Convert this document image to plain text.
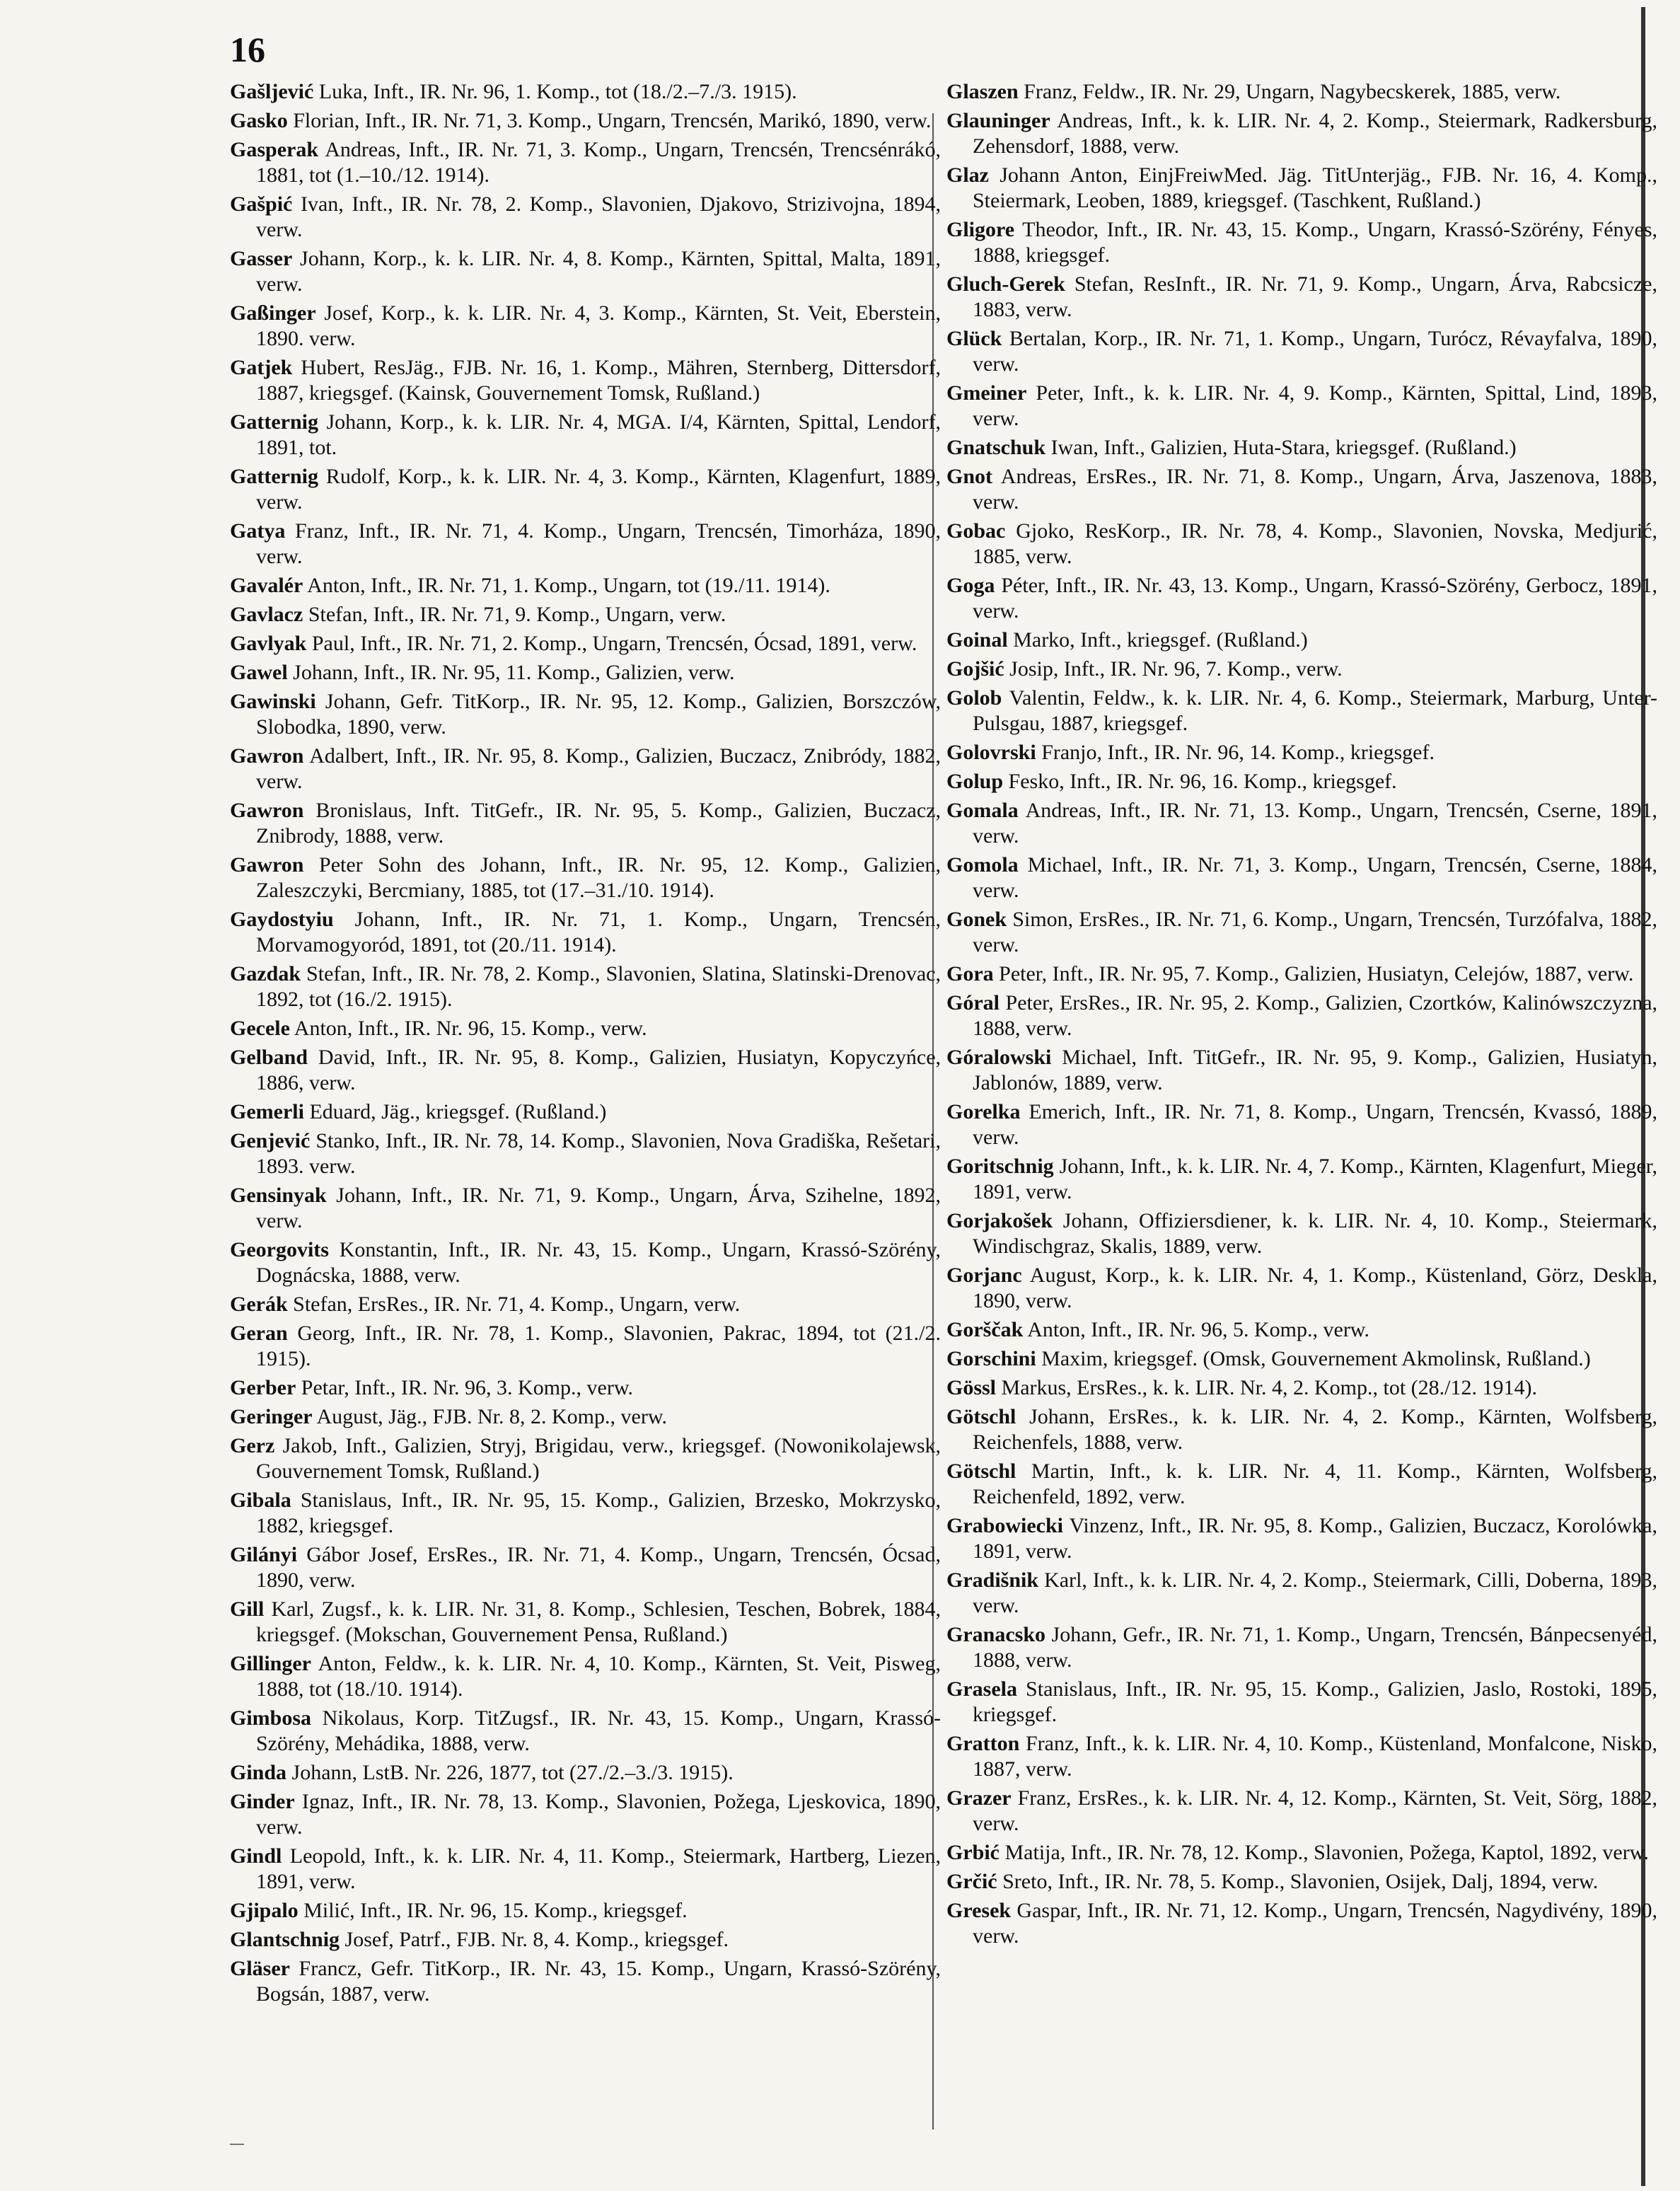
16

Gašljević Luka, Inft., IR. Nr. 96, 1. Komp., tot (18./2.–7./3. 1915).

Gasko Florian, Inft., IR. Nr. 71, 3. Komp., Ungarn, Trencsén, Marikó, 1890, verw.

Gasperak Andreas, Inft., IR. Nr. 71, 3. Komp., Ungarn, Trencsén, Trencsénrákó, 1881, tot (1.–10./12. 1914).

Gašpić Ivan, Inft., IR. Nr. 78, 2. Komp., Slavonien, Djakovo, Strizivojna, 1894, verw.

Gasser Johann, Korp., k. k. LIR. Nr. 4, 8. Komp., Kärnten, Spittal, Malta, 1891, verw.

Gaßinger Josef, Korp., k. k. LIR. Nr. 4, 3. Komp., Kärnten, St. Veit, Eberstein, 1890. verw.

Gatjek Hubert, ResJäg., FJB. Nr. 16, 1. Komp., Mähren, Sternberg, Dittersdorf, 1887, kriegsgef. (Kainsk, Gouvernement Tomsk, Rußland.)

Gatternig Johann, Korp., k. k. LIR. Nr. 4, MGA. I/4, Kärnten, Spittal, Lendorf, 1891, tot.

Gatternig Rudolf, Korp., k. k. LIR. Nr. 4, 3. Komp., Kärnten, Klagenfurt, 1889, verw.

Gatya Franz, Inft., IR. Nr. 71, 4. Komp., Ungarn, Trencsén, Timorháza, 1890, verw.

Gavalér Anton, Inft., IR. Nr. 71, 1. Komp., Ungarn, tot (19./11. 1914).

Gavlacz Stefan, Inft., IR. Nr. 71, 9. Komp., Ungarn, verw.

Gavlyak Paul, Inft., IR. Nr. 71, 2. Komp., Ungarn, Trencsén, Ócsad, 1891, verw.

Gawel Johann, Inft., IR. Nr. 95, 11. Komp., Galizien, verw.

Gawinski Johann, Gefr. TitKorp., IR. Nr. 95, 12. Komp., Galizien, Borszczów, Slobodka, 1890, verw.

Gawron Adalbert, Inft., IR. Nr. 95, 8. Komp., Galizien, Buczacz, Znibródy, 1882, verw.

Gawron Bronislaus, Inft. TitGefr., IR. Nr. 95, 5. Komp., Galizien, Buczacz, Znibrody, 1888, verw.

Gawron Peter Sohn des Johann, Inft., IR. Nr. 95, 12. Komp., Galizien, Zaleszczyki, Bercmiany, 1885, tot (17.–31./10. 1914).

Gaydostyiu Johann, Inft., IR. Nr. 71, 1. Komp., Ungarn, Trencsén, Morvamogyoród, 1891, tot (20./11. 1914).

Gazdak Stefan, Inft., IR. Nr. 78, 2. Komp., Slavonien, Slatina, Slatinski-Drenovac, 1892, tot (16./2. 1915).

Gecele Anton, Inft., IR. Nr. 96, 15. Komp., verw.

Gelband David, Inft., IR. Nr. 95, 8. Komp., Galizien, Husiatyn, Kopyczyńce, 1886, verw.

Gemerli Eduard, Jäg., kriegsgef. (Rußland.)

Genjević Stanko, Inft., IR. Nr. 78, 14. Komp., Slavonien, Nova Gradiška, Rešetari, 1893. verw.

Gensinyak Johann, Inft., IR. Nr. 71, 9. Komp., Ungarn, Árva, Szihelne, 1892, verw.

Georgovits Konstantin, Inft., IR. Nr. 43, 15. Komp., Ungarn, Krassó-Szörény, Dognácska, 1888, verw.

Gerák Stefan, ErsRes., IR. Nr. 71, 4. Komp., Ungarn, verw.

Geran Georg, Inft., IR. Nr. 78, 1. Komp., Slavonien, Pakrac, 1894, tot (21./2. 1915).

Gerber Petar, Inft., IR. Nr. 96, 3. Komp., verw.

Geringer August, Jäg., FJB. Nr. 8, 2. Komp., verw.

Gerz Jakob, Inft., Galizien, Stryj, Brigidau, verw., kriegsgef. (Nowonikolajewsk, Gouvernement Tomsk, Rußland.)

Gibala Stanislaus, Inft., IR. Nr. 95, 15. Komp., Galizien, Brzesko, Mokrzysko, 1882, kriegsgef.

Gilányi Gábor Josef, ErsRes., IR. Nr. 71, 4. Komp., Ungarn, Trencsén, Ócsad, 1890, verw.

Gill Karl, Zugsf., k. k. LIR. Nr. 31, 8. Komp., Schlesien, Teschen, Bobrek, 1884, kriegsgef. (Mokschan, Gouvernement Pensa, Rußland.)

Gillinger Anton, Feldw., k. k. LIR. Nr. 4, 10. Komp., Kärnten, St. Veit, Pisweg, 1888, tot (18./10. 1914).

Gimbosa Nikolaus, Korp. TitZugsf., IR. Nr. 43, 15. Komp., Ungarn, Krassó-Szörény, Mehádika, 1888, verw.

Ginda Johann, LstB. Nr. 226, 1877, tot (27./2.–3./3. 1915).

Ginder Ignaz, Inft., IR. Nr. 78, 13. Komp., Slavonien, Požega, Ljeskovica, 1890, verw.

Gindl Leopold, Inft., k. k. LIR. Nr. 4, 11. Komp., Steiermark, Hartberg, Liezen, 1891, verw.

Gjipalo Milić, Inft., IR. Nr. 96, 15. Komp., kriegsgef.

Glantschnig Josef, Patrf., FJB. Nr. 8, 4. Komp., kriegsgef.

Gläser Francz, Gefr. TitKorp., IR. Nr. 43, 15. Komp., Ungarn, Krassó-Szörény, Bogsán, 1887, verw.

Glaszen Franz, Feldw., IR. Nr. 29, Ungarn, Nagybecskerek, 1885, verw.

Glauninger Andreas, Inft., k. k. LIR. Nr. 4, 2. Komp., Steiermark, Radkersburg, Zehensdorf, 1888, verw.

Glaz Johann Anton, EinjFreiwMed. Jäg. TitUnterjäg., FJB. Nr. 16, 4. Komp., Steiermark, Leoben, 1889, kriegsgef. (Taschkent, Rußland.)

Gligore Theodor, Inft., IR. Nr. 43, 15. Komp., Ungarn, Krassó-Szörény, Fényes, 1888, kriegsgef.

Gluch-Gerek Stefan, ResInft., IR. Nr. 71, 9. Komp., Ungarn, Árva, Rabcsicze, 1883, verw.

Glück Bertalan, Korp., IR. Nr. 71, 1. Komp., Ungarn, Turócz, Révayfalva, 1890, verw.

Gmeiner Peter, Inft., k. k. LIR. Nr. 4, 9. Komp., Kärnten, Spittal, Lind, 1893, verw.

Gnatschuk Iwan, Inft., Galizien, Huta-Stara, kriegsgef. (Rußland.)

Gnot Andreas, ErsRes., IR. Nr. 71, 8. Komp., Ungarn, Árva, Jaszenova, 1883, verw.

Gobac Gjoko, ResKorp., IR. Nr. 78, 4. Komp., Slavonien, Novska, Medjurić, 1885, verw.

Goga Péter, Inft., IR. Nr. 43, 13. Komp., Ungarn, Krassó-Szörény, Gerbocz, 1891, verw.

Goinal Marko, Inft., kriegsgef. (Rußland.)

Gojšić Josip, Inft., IR. Nr. 96, 7. Komp., verw.

Golob Valentin, Feldw., k. k. LIR. Nr. 4, 6. Komp., Steiermark, Marburg, Unter-Pulsgau, 1887, kriegsgef.

Golovrski Franjo, Inft., IR. Nr. 96, 14. Komp., kriegsgef.

Golup Fesko, Inft., IR. Nr. 96, 16. Komp., kriegsgef.

Gomala Andreas, Inft., IR. Nr. 71, 13. Komp., Ungarn, Trencsén, Cserne, 1891, verw.

Gomola Michael, Inft., IR. Nr. 71, 3. Komp., Ungarn, Trencsén, Cserne, 1884, verw.

Gonek Simon, ErsRes., IR. Nr. 71, 6. Komp., Ungarn, Trencsén, Turzófalva, 1882, verw.

Gora Peter, Inft., IR. Nr. 95, 7. Komp., Galizien, Husiatyn, Celejów, 1887, verw.

Góral Peter, ErsRes., IR. Nr. 95, 2. Komp., Galizien, Czortków, Kalinówszczyzna, 1888, verw.

Góralowski Michael, Inft. TitGefr., IR. Nr. 95, 9. Komp., Galizien, Husiatyn, Jablonów, 1889, verw.

Gorelka Emerich, Inft., IR. Nr. 71, 8. Komp., Ungarn, Trencsén, Kvassó, 1889, verw.

Goritschnig Johann, Inft., k. k. LIR. Nr. 4, 7. Komp., Kärnten, Klagenfurt, Mieger, 1891, verw.

Gorjakošek Johann, Offiziersdiener, k. k. LIR. Nr. 4, 10. Komp., Steiermark, Windischgraz, Skalis, 1889, verw.

Gorjanc August, Korp., k. k. LIR. Nr. 4, 1. Komp., Küstenland, Görz, Deskla, 1890, verw.

Gorščak Anton, Inft., IR. Nr. 96, 5. Komp., verw.

Gorschini Maxim, kriegsgef. (Omsk, Gouvernement Akmolinsk, Rußland.)

Gössl Markus, ErsRes., k. k. LIR. Nr. 4, 2. Komp., tot (28./12. 1914).

Götschl Johann, ErsRes., k. k. LIR. Nr. 4, 2. Komp., Kärnten, Wolfsberg, Reichenfels, 1888, verw.

Götschl Martin, Inft., k. k. LIR. Nr. 4, 11. Komp., Kärnten, Wolfsberg, Reichenfeld, 1892, verw.

Grabowiecki Vinzenz, Inft., IR. Nr. 95, 8. Komp., Galizien, Buczacz, Korolówka, 1891, verw.

Gradišnik Karl, Inft., k. k. LIR. Nr. 4, 2. Komp., Steiermark, Cilli, Doberna, 1893, verw.

Granacsko Johann, Gefr., IR. Nr. 71, 1. Komp., Ungarn, Trencsén, Bánpecsenyéd, 1888, verw.

Grasela Stanislaus, Inft., IR. Nr. 95, 15. Komp., Galizien, Jaslo, Rostoki, 1895, kriegsgef.

Gratton Franz, Inft., k. k. LIR. Nr. 4, 10. Komp., Küstenland, Monfalcone, Nisko, 1887, verw.

Grazer Franz, ErsRes., k. k. LIR. Nr. 4, 12. Komp., Kärnten, St. Veit, Sörg, 1882, verw.

Grbić Matija, Inft., IR. Nr. 78, 12. Komp., Slavonien, Požega, Kaptol, 1892, verw.

Grčić Sreto, Inft., IR. Nr. 78, 5. Komp., Slavonien, Osijek, Dalj, 1894, verw.

Gresek Gaspar, Inft., IR. Nr. 71, 12. Komp., Ungarn, Trencsén, Nagydivény, 1890, verw.
